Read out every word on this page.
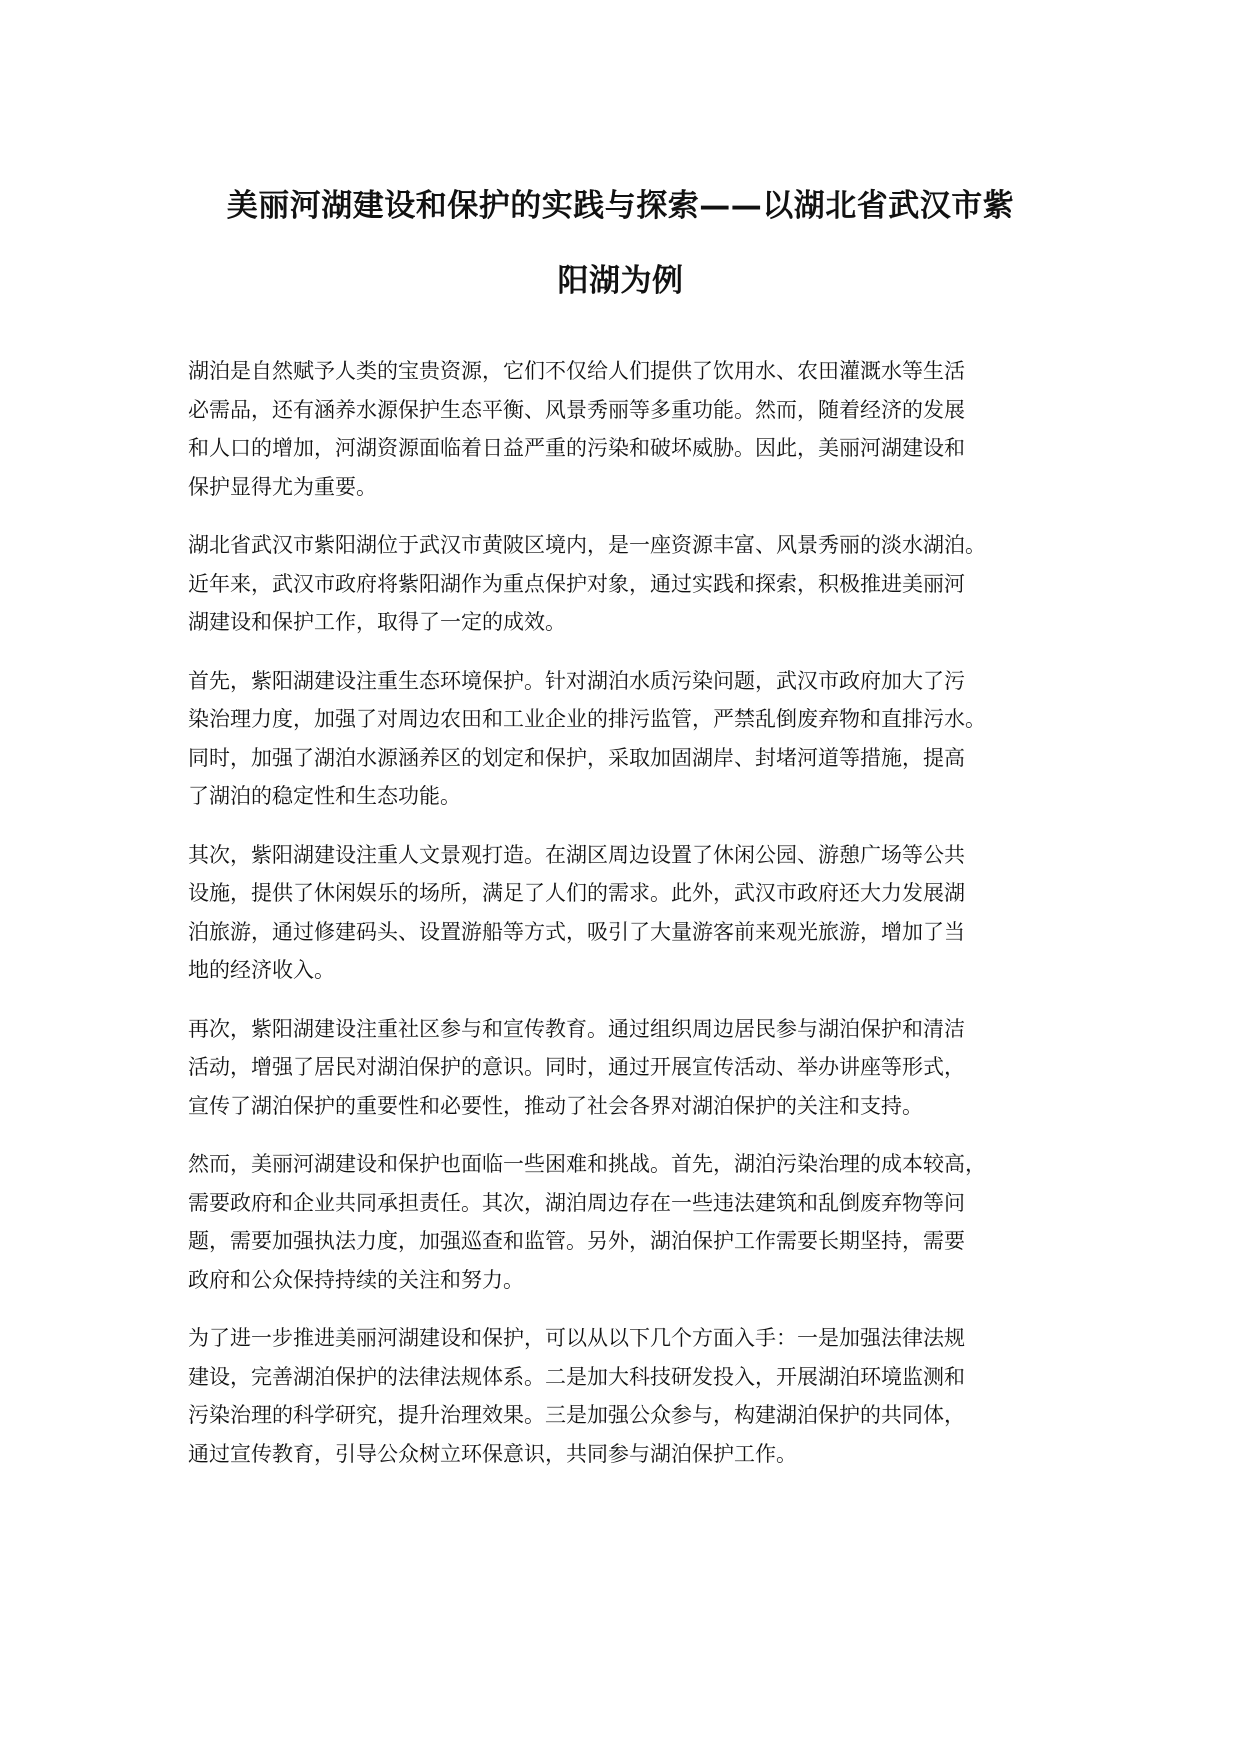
美丽河湖建设和保护的实践与探索——以湖北省武汉市紫
阳湖为例

湖泊是自然赋予人类的宝贵资源，它们不仅给人们提供了饮用水、农田灌溉水等生活
必需品，还有涵养水源保护生态平衡、风景秀丽等多重功能。然而，随着经济的发展
和人口的增加，河湖资源面临着日益严重的污染和破坏威胁。因此，美丽河湖建设和
保护显得尤为重要。

湖北省武汉市紫阳湖位于武汉市黄陂区境内，是一座资源丰富、风景秀丽的淡水湖泊。
近年来，武汉市政府将紫阳湖作为重点保护对象，通过实践和探索，积极推进美丽河
湖建设和保护工作，取得了一定的成效。

首先，紫阳湖建设注重生态环境保护。针对湖泊水质污染问题，武汉市政府加大了污
染治理力度，加强了对周边农田和工业企业的排污监管，严禁乱倒废弃物和直排污水。
同时，加强了湖泊水源涵养区的划定和保护，采取加固湖岸、封堵河道等措施，提高
了湖泊的稳定性和生态功能。

其次，紫阳湖建设注重人文景观打造。在湖区周边设置了休闲公园、游憩广场等公共
设施，提供了休闲娱乐的场所，满足了人们的需求。此外，武汉市政府还大力发展湖
泊旅游，通过修建码头、设置游船等方式，吸引了大量游客前来观光旅游，增加了当
地的经济收入。

再次，紫阳湖建设注重社区参与和宣传教育。通过组织周边居民参与湖泊保护和清洁
活动，增强了居民对湖泊保护的意识。同时，通过开展宣传活动、举办讲座等形式，
宣传了湖泊保护的重要性和必要性，推动了社会各界对湖泊保护的关注和支持。

然而，美丽河湖建设和保护也面临一些困难和挑战。首先，湖泊污染治理的成本较高，
需要政府和企业共同承担责任。其次，湖泊周边存在一些违法建筑和乱倒废弃物等问
题，需要加强执法力度，加强巡查和监管。另外，湖泊保护工作需要长期坚持，需要
政府和公众保持持续的关注和努力。

为了进一步推进美丽河湖建设和保护，可以从以下几个方面入手：一是加强法律法规
建设，完善湖泊保护的法律法规体系。二是加大科技研发投入，开展湖泊环境监测和
污染治理的科学研究，提升治理效果。三是加强公众参与，构建湖泊保护的共同体，
通过宣传教育，引导公众树立环保意识，共同参与湖泊保护工作。
